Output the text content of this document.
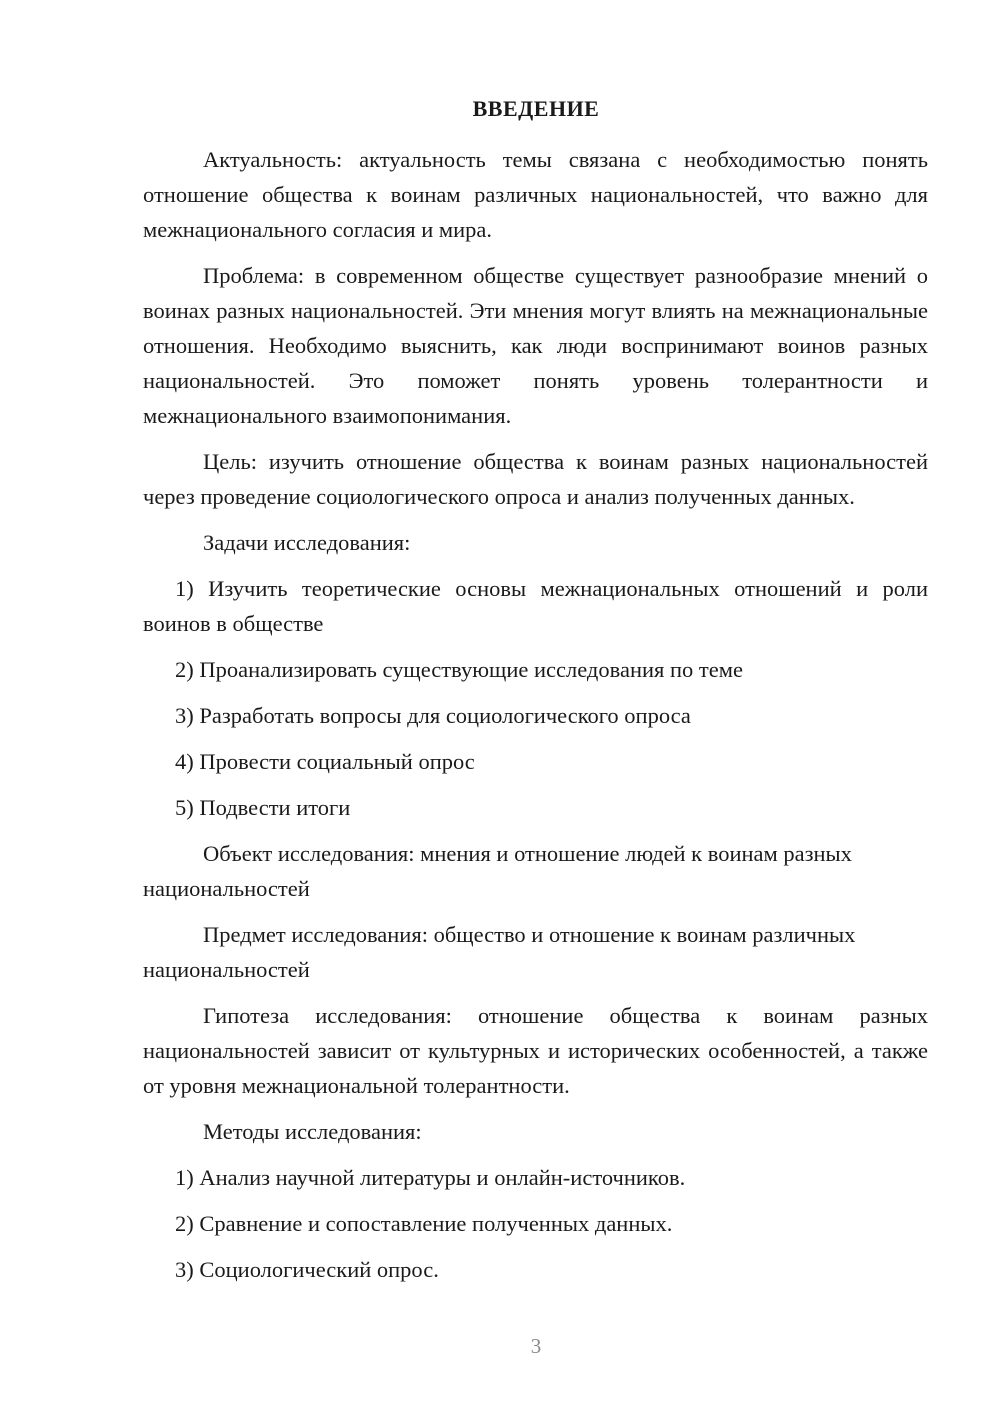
ВВЕДЕНИЕ

Актуальность: актуальность темы связана с необходимостью понять отношение общества к воинам различных национальностей, что важно для межнационального согласия и мира.

Проблема: в современном обществе существует разнообразие мнений о воинах разных национальностей. Эти мнения могут влиять на межнациональные отношения. Необходимо выяснить, как люди воспринимают воинов разных национальностей. Это поможет понять уровень толерантности и межнационального взаимопонимания.

Цель: изучить отношение общества к воинам разных национальностей через проведение социологического опроса и анализ полученных данных.

Задачи исследования:

1) Изучить теоретические основы межнациональных отношений и роли воинов в обществе

2) Проанализировать существующие исследования по теме

3) Разработать вопросы для социологического опроса

4) Провести социальный опрос

5) Подвести итоги

Объект исследования: мнения и отношение людей к воинам разных национальностей

Предмет исследования: общество и отношение к воинам различных национальностей

Гипотеза исследования: отношение общества к воинам разных национальностей зависит от культурных и исторических особенностей, а также от уровня межнациональной толерантности.

Методы исследования:

1) Анализ научной литературы и онлайн-источников.

2) Сравнение и сопоставление полученных данных.

3) Социологический опрос.

3
